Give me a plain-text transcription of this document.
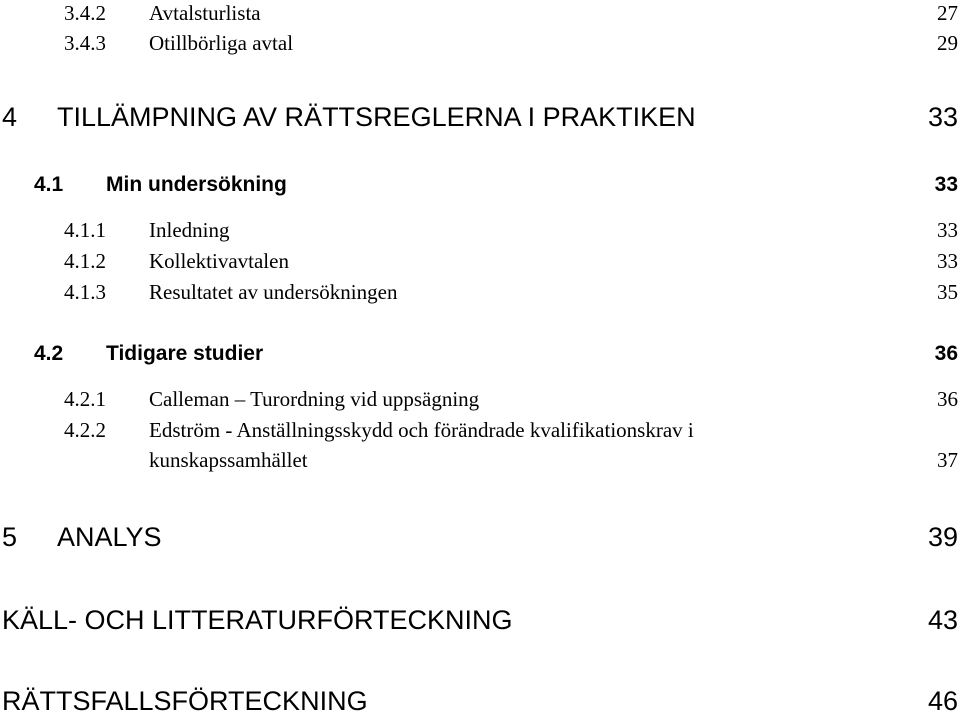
3.4.2 Avtalsturlista	27
3.4.3 Otillbörliga avtal	29
4 TILLÄMPNING AV RÄTTSREGLERNA I PRAKTIKEN	33
4.1 Min undersökning	33
4.1.1 Inledning	33
4.1.2 Kollektivavtalen	33
4.1.3 Resultatet av undersökningen	35
4.2 Tidigare studier	36
4.2.1 Calleman – Turordning vid uppsägning	36
4.2.2 Edström - Anställningsskydd och förändrade kvalifikationskrav i
kunskapssamhället	37
5 ANALYS	39
KÄLL- OCH LITTERATURFÖRTECKNING	43
RÄTTSFALLSFÖRTECKNING	46
